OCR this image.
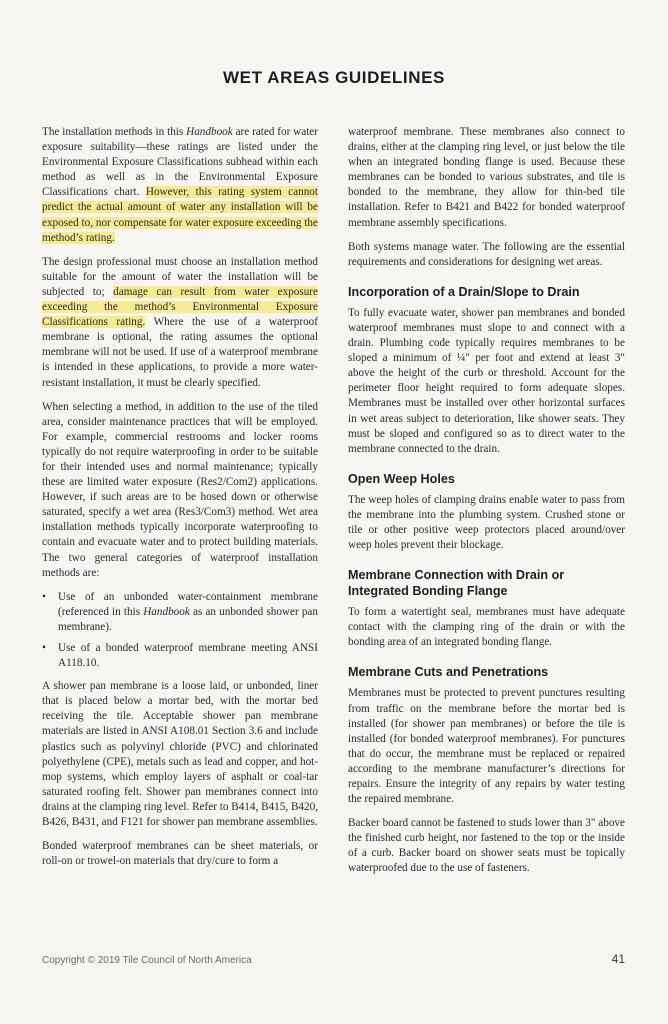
WET AREAS GUIDELINES

The installation methods in this Handbook are rated for water exposure suitability—these ratings are listed under the Environmental Exposure Classifications subhead within each method as well as in the Environmental Exposure Classifications chart. However, this rating system cannot predict the actual amount of water any installation will be exposed to, nor compensate for water exposure exceeding the method’s rating.

The design professional must choose an installation method suitable for the amount of water the installation will be subjected to; damage can result from water exposure exceeding the method’s Environmental Exposure Classifications rating. Where the use of a waterproof membrane is optional, the rating assumes the optional membrane will not be used. If use of a waterproof membrane is intended in these applications, to provide a more water-resistant installation, it must be clearly specified.

When selecting a method, in addition to the use of the tiled area, consider maintenance practices that will be employed. For example, commercial restrooms and locker rooms typically do not require waterproofing in order to be suitable for their intended uses and normal maintenance; typically these are limited water exposure (Res2/Com2) applications. However, if such areas are to be hosed down or otherwise saturated, specify a wet area (Res3/Com3) method. Wet area installation methods typically incorporate waterproofing to contain and evacuate water and to protect building materials. The two general categories of waterproof installation methods are:

• Use of an unbonded water-containment membrane (referenced in this Handbook as an unbonded shower pan membrane).
• Use of a bonded waterproof membrane meeting ANSI A118.10.

A shower pan membrane is a loose laid, or unbonded, liner that is placed below a mortar bed, with the mortar bed receiving the tile. Acceptable shower pan membrane materials are listed in ANSI A108.01 Section 3.6 and include plastics such as polyvinyl chloride (PVC) and chlorinated polyethylene (CPE), metals such as lead and copper, and hot-mop systems, which employ layers of asphalt or coal-tar saturated roofing felt. Shower pan membranes connect into drains at the clamping ring level. Refer to B414, B415, B420, B426, B431, and F121 for shower pan membrane assemblies.

Bonded waterproof membranes can be sheet materials, or roll-on or trowel-on materials that dry/cure to form a

waterproof membrane. These membranes also connect to drains, either at the clamping ring level, or just below the tile when an integrated bonding flange is used. Because these membranes can be bonded to various substrates, and tile is bonded to the membrane, they allow for thin-bed tile installation. Refer to B421 and B422 for bonded waterproof membrane assembly specifications.

Both systems manage water. The following are the essential requirements and considerations for designing wet areas.

Incorporation of a Drain/Slope to Drain

To fully evacuate water, shower pan membranes and bonded waterproof membranes must slope to and connect with a drain. Plumbing code typically requires membranes to be sloped a minimum of ¼" per foot and extend at least 3" above the height of the curb or threshold. Account for the perimeter floor height required to form adequate slopes. Membranes must be installed over other horizontal surfaces in wet areas subject to deterioration, like shower seats. They must be sloped and configured so as to direct water to the membrane connected to the drain.

Open Weep Holes

The weep holes of clamping drains enable water to pass from the membrane into the plumbing system. Crushed stone or tile or other positive weep protectors placed around/over weep holes prevent their blockage.

Membrane Connection with Drain or Integrated Bonding Flange

To form a watertight seal, membranes must have adequate contact with the clamping ring of the drain or with the bonding area of an integrated bonding flange.

Membrane Cuts and Penetrations

Membranes must be protected to prevent punctures resulting from traffic on the membrane before the mortar bed is installed (for shower pan membranes) or before the tile is installed (for bonded waterproof membranes). For punctures that do occur, the membrane must be replaced or repaired according to the membrane manufacturer’s directions for repairs. Ensure the integrity of any repairs by water testing the repaired membrane.

Backer board cannot be fastened to studs lower than 3" above the finished curb height, nor fastened to the top or the inside of a curb. Backer board on shower seats must be topically waterproofed due to the use of fasteners.

Copyright © 2019 Tile Council of North America	41
